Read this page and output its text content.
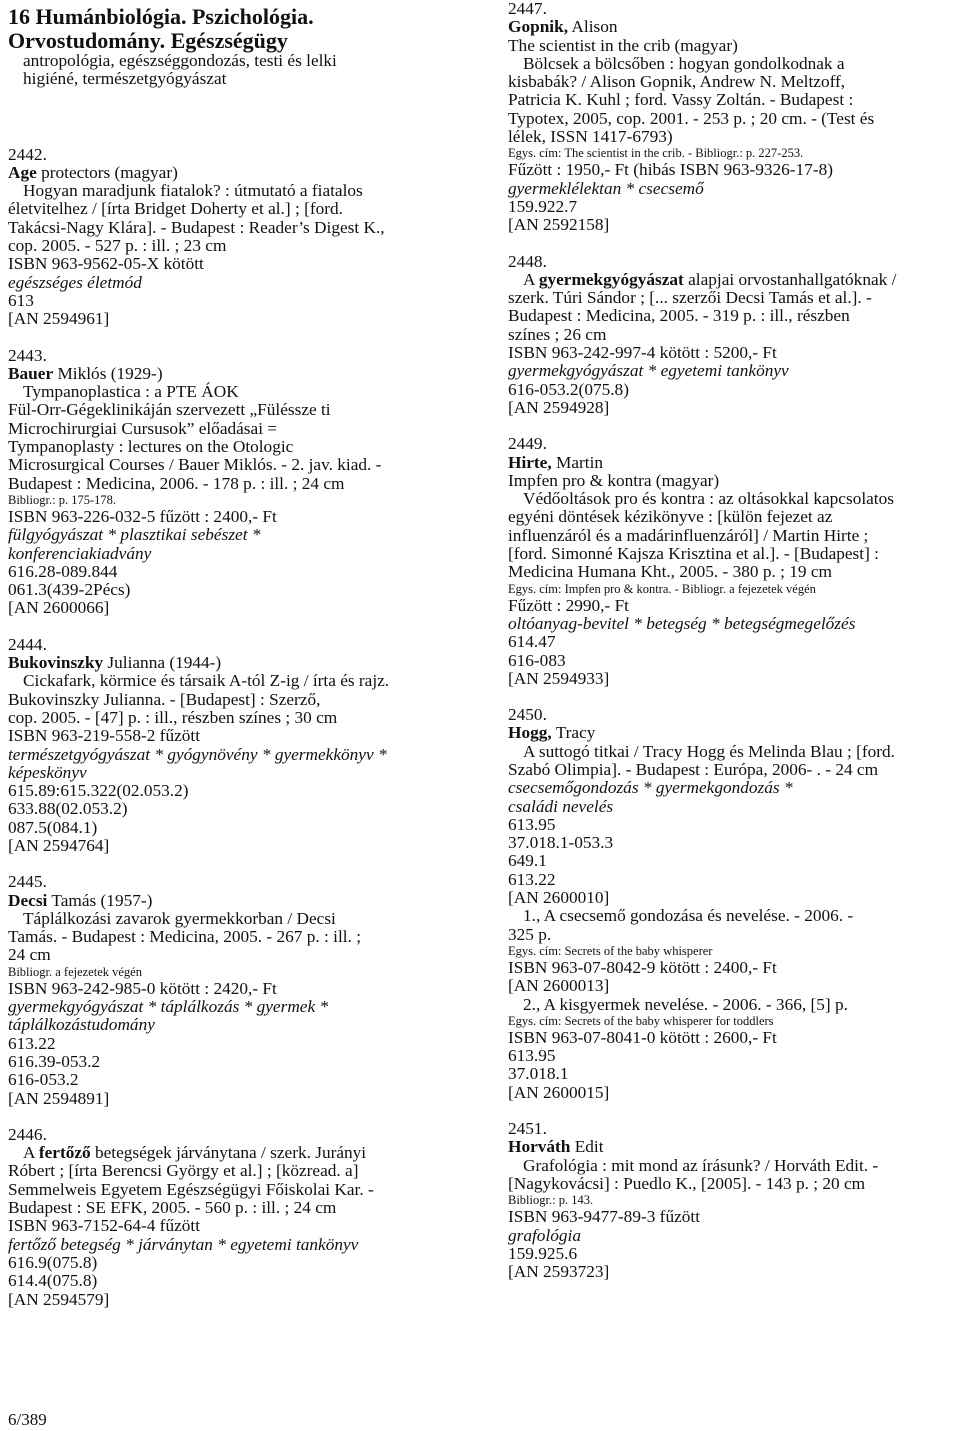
16 Humánbiológia. Pszichológia.
Orvostudomány. Egészségügy
antropológia, egészséggondozás, testi és lelki
higiéné, természetgyógyászat
2442.
Age protectors (magyar)
Hogyan maradjunk fiatalok? : útmutató a fiatalos
életvitelhez / [írta Bridget Doherty et al.] ; [ford.
Takácsi-Nagy Klára]. - Budapest : Reader’s Digest K.,
cop. 2005. - 527 p. : ill. ; 23 cm
ISBN 963-9562-05-X kötött
egészséges életmód
613
[AN 2594961]
2443.
Bauer Miklós (1929-)
Tympanoplastica : a PTE ÁOK
Fül-Orr-Gégeklinikáján szervezett „Füléssze ti
Microchirurgiai Cursusok” előadásai =
Tympanoplasty : lectures on the Otologic
Microsurgical Courses / Bauer Miklós. - 2. jav. kiad. -
Budapest : Medicina, 2006. - 178 p. : ill. ; 24 cm
Bibliogr.: p. 175-178.
ISBN 963-226-032-5 fűzött : 2400,- Ft
fülgyógyászat * plasztikai sebészet *
konferenciakiadvány
616.28-089.844
061.3(439-2Pécs)
[AN 2600066]
2444.
Bukovinszky Julianna (1944-)
Cickafark, körmice és társaik A-tól Z-ig / írta és rajz.
Bukovinszky Julianna. - [Budapest] : Szerző,
cop. 2005. - [47] p. : ill., részben színes ; 30 cm
ISBN 963-219-558-2 fűzött
természetgyógyászat * gyógynövény * gyermekkönyv *
képeskönyv
615.89:615.322(02.053.2)
633.88(02.053.2)
087.5(084.1)
[AN 2594764]
2445.
Decsi Tamás (1957-)
Táplálkozási zavarok gyermekkorban / Decsi
Tamás. - Budapest : Medicina, 2005. - 267 p. : ill. ;
24 cm
Bibliogr. a fejezetek végén
ISBN 963-242-985-0 kötött : 2420,- Ft
gyermekgyógyászat * táplálkozás * gyermek *
táplálkozástudomány
613.22
616.39-053.2
616-053.2
[AN 2594891]
2446.
A fertőző betegségek járványtana / szerk. Jurányi
Róbert ; [írta Berencsi György et al.] ; [közread. a]
Semmelweis Egyetem Egészségügyi Főiskolai Kar. -
Budapest : SE EFK, 2005. - 560 p. : ill. ; 24 cm
ISBN 963-7152-64-4 fűzött
fertőző betegség * járványtan * egyetemi tankönyv
616.9(075.8)
614.4(075.8)
[AN 2594579]
2447.
Gopnik, Alison
The scientist in the crib (magyar)
Bölcsek a bölcsőben : hogyan gondolkodnak a
kisbabák? / Alison Gopnik, Andrew N. Meltzoff,
Patricia K. Kuhl ; ford. Vassy Zoltán. - Budapest :
Typotex, 2005, cop. 2001. - 253 p. ; 20 cm. - (Test és
lélek, ISSN 1417-6793)
Egys. cím: The scientist in the crib. - Bibliogr.: p. 227-253.
Fűzött : 1950,- Ft (hibás ISBN 963-9326-17-8)
gyermeklélektan * csecsemő
159.922.7
[AN 2592158]
2448.
A gyermekgyógyászat alapjai orvostanhallgatóknak /
szerk. Túri Sándor ; [... szerzői Decsi Tamás et al.]. -
Budapest : Medicina, 2005. - 319 p. : ill., részben
színes ; 26 cm
ISBN 963-242-997-4 kötött : 5200,- Ft
gyermekgyógyászat * egyetemi tankönyv
616-053.2(075.8)
[AN 2594928]
2449.
Hirte, Martin
Impfen pro & kontra (magyar)
Védőoltások pro és kontra : az oltásokkal kapcsolatos
egyéni döntések kézikönyve : [külön fejezet az
influenzáról és a madárinfluenzáról] / Martin Hirte ;
[ford. Simonné Kajsza Krisztina et al.]. - [Budapest] :
Medicina Humana Kht., 2005. - 380 p. ; 19 cm
Egys. cím: Impfen pro & kontra. - Bibliogr. a fejezetek végén
Fűzött : 2990,- Ft
oltóanyag-bevitel * betegség * betegségmegelőzés
614.47
616-083
[AN 2594933]
2450.
Hogg, Tracy
A suttogó titkai / Tracy Hogg és Melinda Blau ; [ford.
Szabó Olimpia]. - Budapest : Európa, 2006- . - 24 cm
csecsemőgondozás * gyermekgondozás *
családi nevelés
613.95
37.018.1-053.3
649.1
613.22
[AN 2600010]
1., A csecsemő gondozása és nevelése. - 2006. -
325 p.
Egys. cím: Secrets of the baby whisperer
ISBN 963-07-8042-9 kötött : 2400,- Ft
[AN 2600013]
2., A kisgyermek nevelése. - 2006. - 366, [5] p.
Egys. cím: Secrets of the baby whisperer for toddlers
ISBN 963-07-8041-0 kötött : 2600,- Ft
613.95
37.018.1
[AN 2600015]
2451.
Horváth Edit
Grafológia : mit mond az írásunk? / Horváth Edit. -
[Nagykovácsi] : Puedlo K., [2005]. - 143 p. ; 20 cm
Bibliogr.: p. 143.
ISBN 963-9477-89-3 fűzött
grafológia
159.925.6
[AN 2593723]
6/389
